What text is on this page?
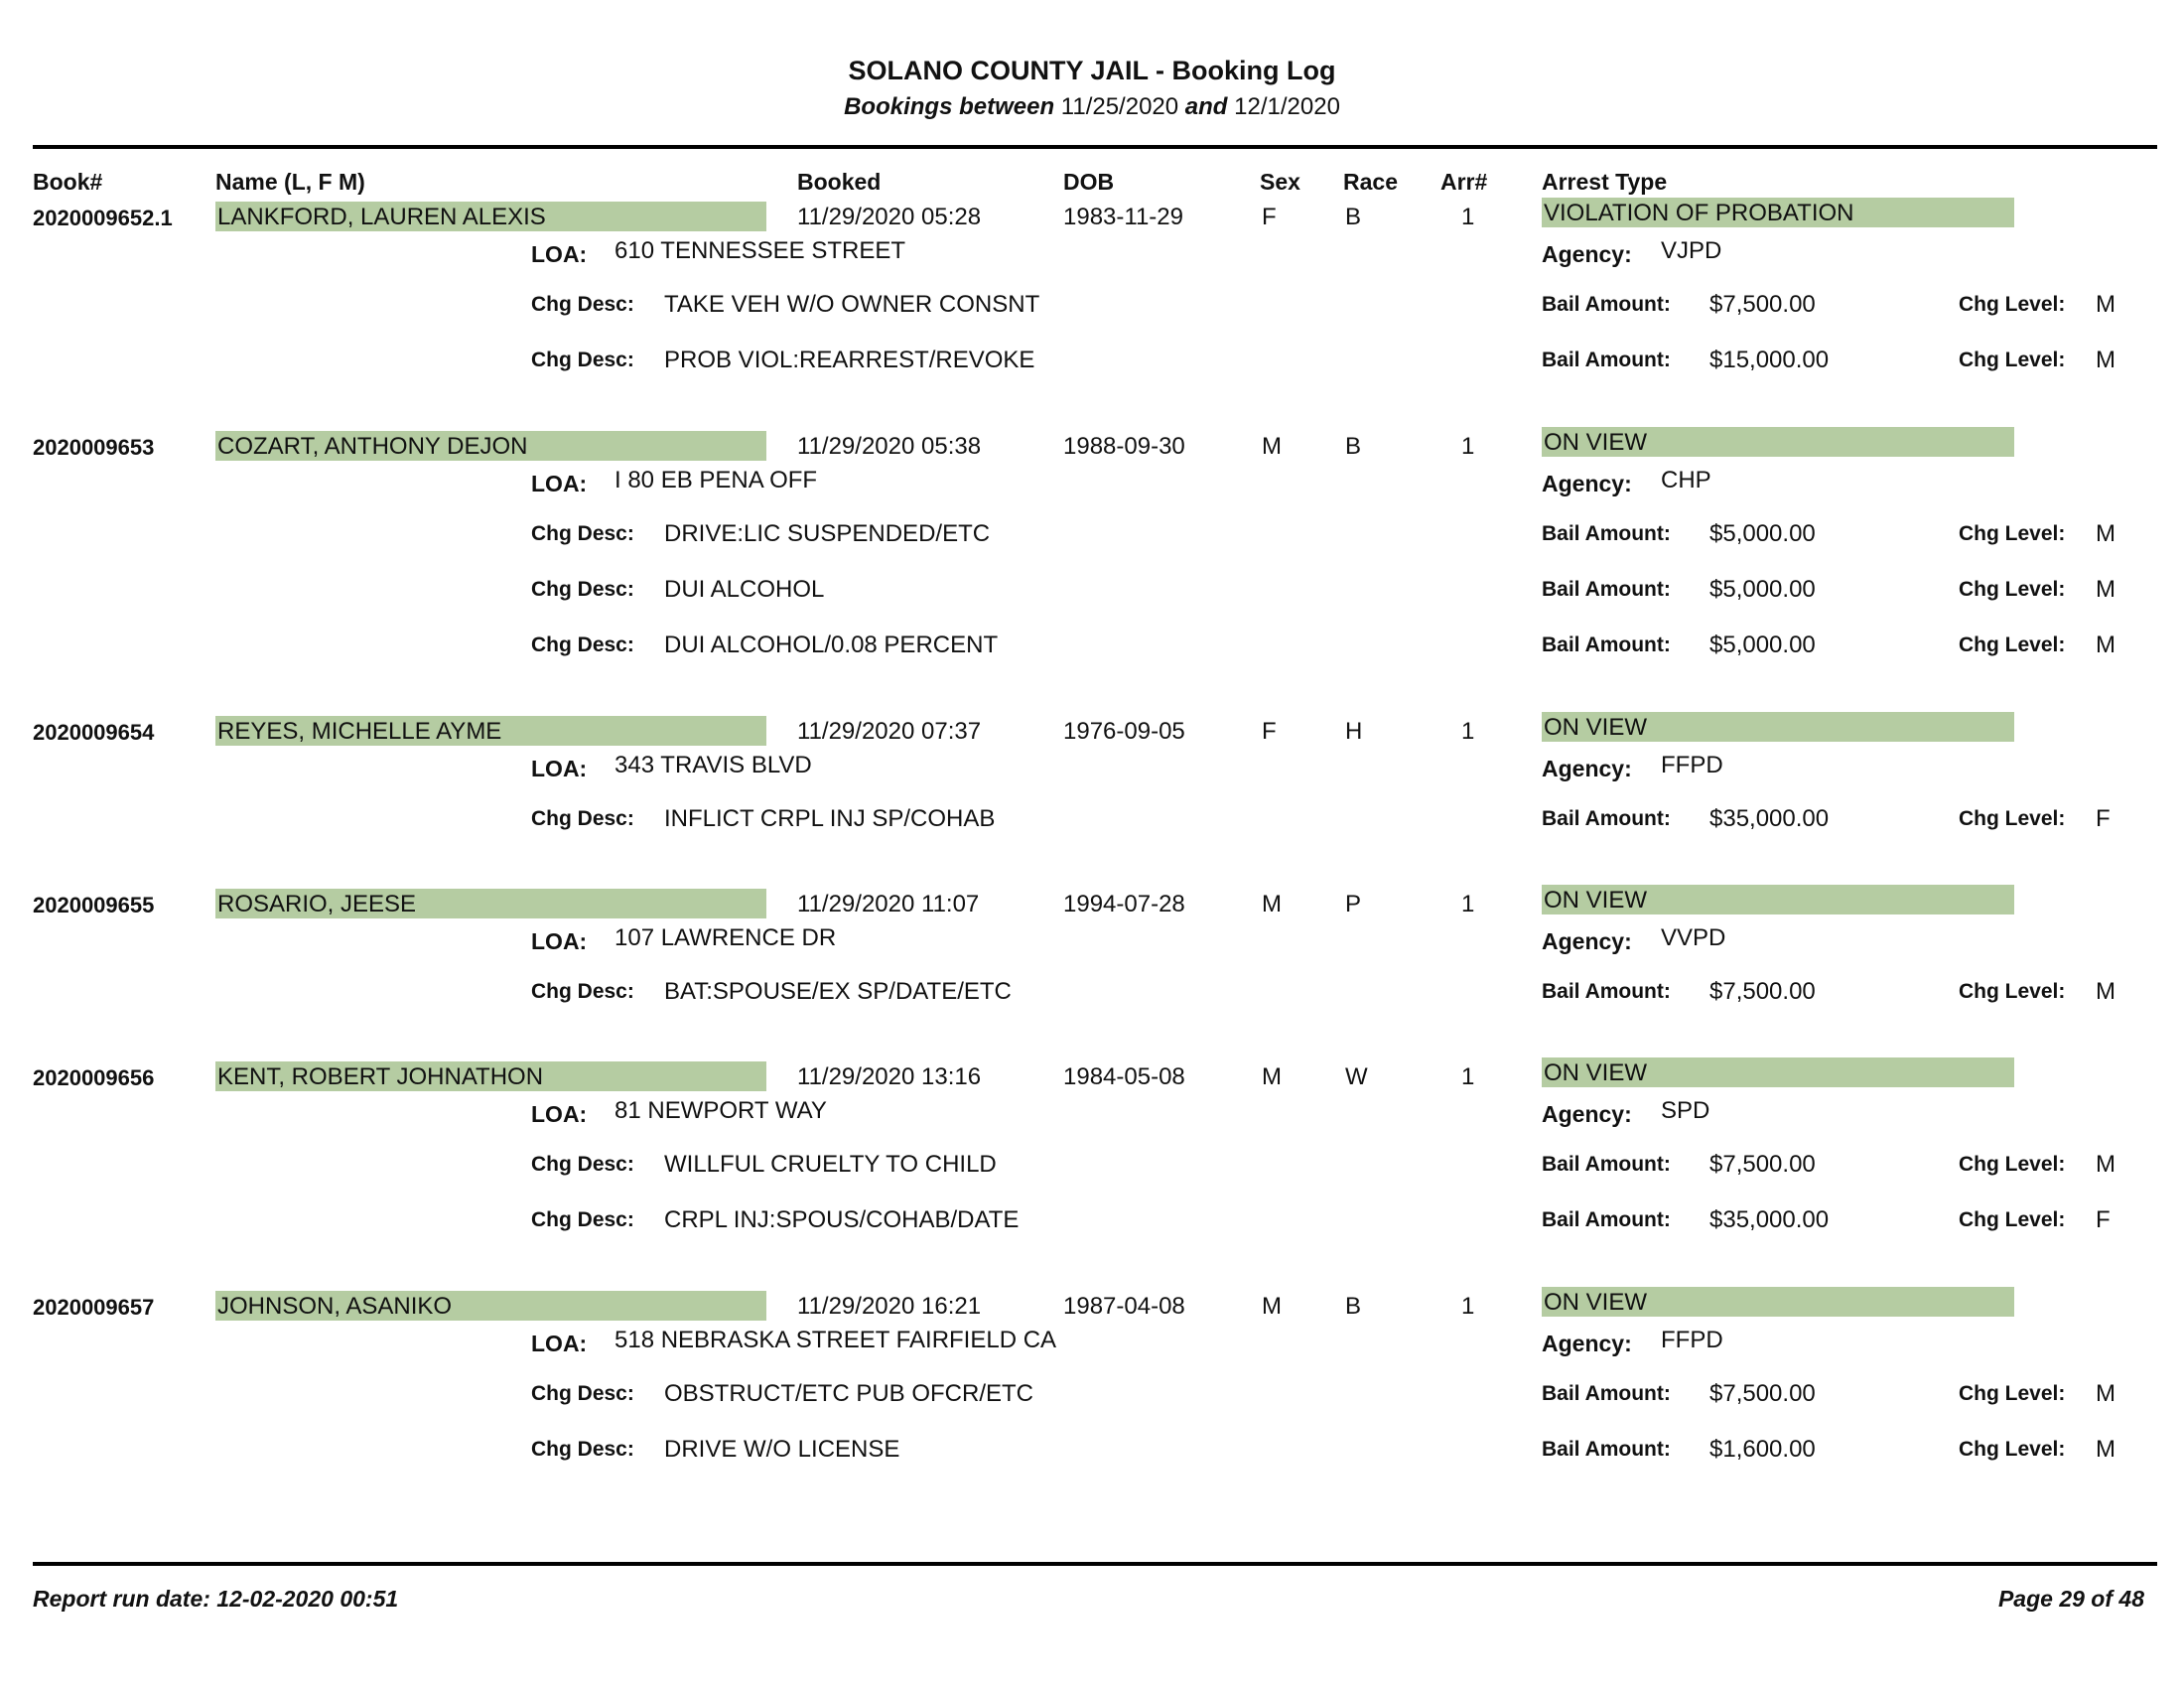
SOLANO COUNTY JAIL - Booking Log
Bookings between 11/25/2020 and 12/1/2020
Book#	Name (L, F M)	Booked	DOB	Sex Race Arr# Arrest Type
2020009652.1 LANKFORD, LAUREN ALEXIS	11/29/2020 05:28	1983-11-29	F	B	1	VIOLATION OF PROBATION
LOA: 610 TENNESSEE STREET	Agency: VJPD
Chg Desc: TAKE VEH W/O OWNER CONSNT	Bail Amount: $7,500.00	Chg Level: M
Chg Desc: PROB VIOL:REARREST/REVOKE	Bail Amount: $15,000.00	Chg Level: M
2020009653	COZART, ANTHONY DEJON	11/29/2020 05:38	1988-09-30	M	B	1	ON VIEW
LOA: I 80 EB PENA OFF	Agency: CHP
Chg Desc: DRIVE:LIC SUSPENDED/ETC	Bail Amount: $5,000.00	Chg Level: M
Chg Desc: DUI ALCOHOL	Bail Amount: $5,000.00	Chg Level: M
Chg Desc: DUI ALCOHOL/0.08 PERCENT	Bail Amount: $5,000.00	Chg Level: M
2020009654	REYES, MICHELLE AYME	11/29/2020 07:37	1976-09-05	F	H	1	ON VIEW
LOA: 343 TRAVIS BLVD	Agency: FFPD
Chg Desc: INFLICT CRPL INJ SP/COHAB	Bail Amount: $35,000.00	Chg Level: F
2020009655	ROSARIO, JEESE	11/29/2020 11:07	1994-07-28	M	P	1	ON VIEW
LOA: 107 LAWRENCE DR	Agency: VVPD
Chg Desc: BAT:SPOUSE/EX SP/DATE/ETC	Bail Amount: $7,500.00	Chg Level: M
2020009656	KENT, ROBERT JOHNATHON	11/29/2020 13:16	1984-05-08	M	W	1	ON VIEW
LOA: 81 NEWPORT WAY	Agency: SPD
Chg Desc: WILLFUL CRUELTY TO CHILD	Bail Amount: $7,500.00	Chg Level: M
Chg Desc: CRPL INJ:SPOUS/COHAB/DATE	Bail Amount: $35,000.00	Chg Level: F
2020009657	JOHNSON, ASANIKO	11/29/2020 16:21	1987-04-08	M	B	1	ON VIEW
LOA: 518 NEBRASKA STREET FAIRFIELD CA	Agency: FFPD
Chg Desc: OBSTRUCT/ETC PUB OFCR/ETC	Bail Amount: $7,500.00	Chg Level: M
Chg Desc: DRIVE W/O LICENSE	Bail Amount: $1,600.00	Chg Level: M
Report run date: 12-02-2020 00:51	Page 29 of 48
